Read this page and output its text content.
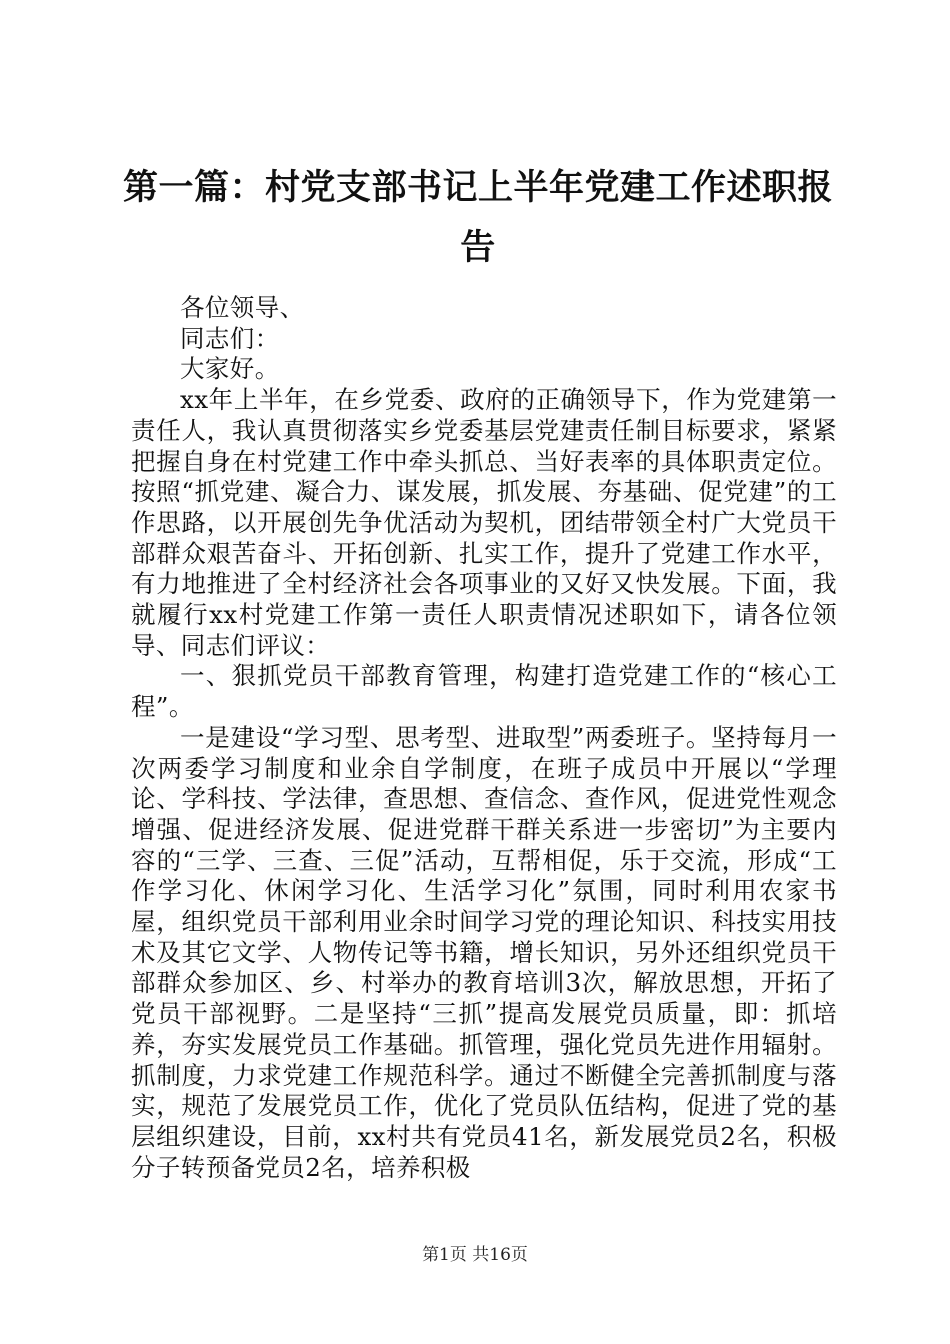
第一篇：村党支部书记上半年党建工作述职报告

各位领导、

同志们：

大家好。

xx年上半年，在乡党委、政府的正确领导下，作为党建第一责任人，我认真贯彻落实乡党委基层党建责任制目标要求，紧紧把握自身在村党建工作中牵头抓总、当好表率的具体职责定位。按照“抓党建、凝合力、谋发展，抓发展、夯基础、促党建”的工作思路，以开展创先争优活动为契机，团结带领全村广大党员干部群众艰苦奋斗、开拓创新、扎实工作，提升了党建工作水平，有力地推进了全村经济社会各项事业的又好又快发展。下面，我就履行xx村党建工作第一责任人职责情况述职如下，请各位领导、同志们评议：

一、狠抓党员干部教育管理，构建打造党建工作的“核心工程”。

一是建设“学习型、思考型、进取型”两委班子。坚持每月一次两委学习制度和业余自学制度，在班子成员中开展以“学理论、学科技、学法律，查思想、查信念、查作风，促进党性观念增强、促进经济发展、促进党群干群关系进一步密切”为主要内容的“三学、三查、三促”活动，互帮相促，乐于交流，形成“工作学习化、休闲学习化、生活学习化”氛围，同时利用农家书屋，组织党员干部利用业余时间学习党的理论知识、科技实用技术及其它文学、人物传记等书籍，增长知识，另外还组织党员干部群众参加区、乡、村举办的教育培训3次，解放思想，开拓了党员干部视野。二是坚持“三抓”提高发展党员质量，即：抓培养，夯实发展党员工作基础。抓管理，强化党员先进作用辐射。抓制度，力求党建工作规范科学。通过不断健全完善抓制度与落实，规范了发展党员工作，优化了党员队伍结构，促进了党的基层组织建设，目前，xx村共有党员41名，新发展党员2名，积极分子转预备党员2名，培养积极

第1页 共16页
